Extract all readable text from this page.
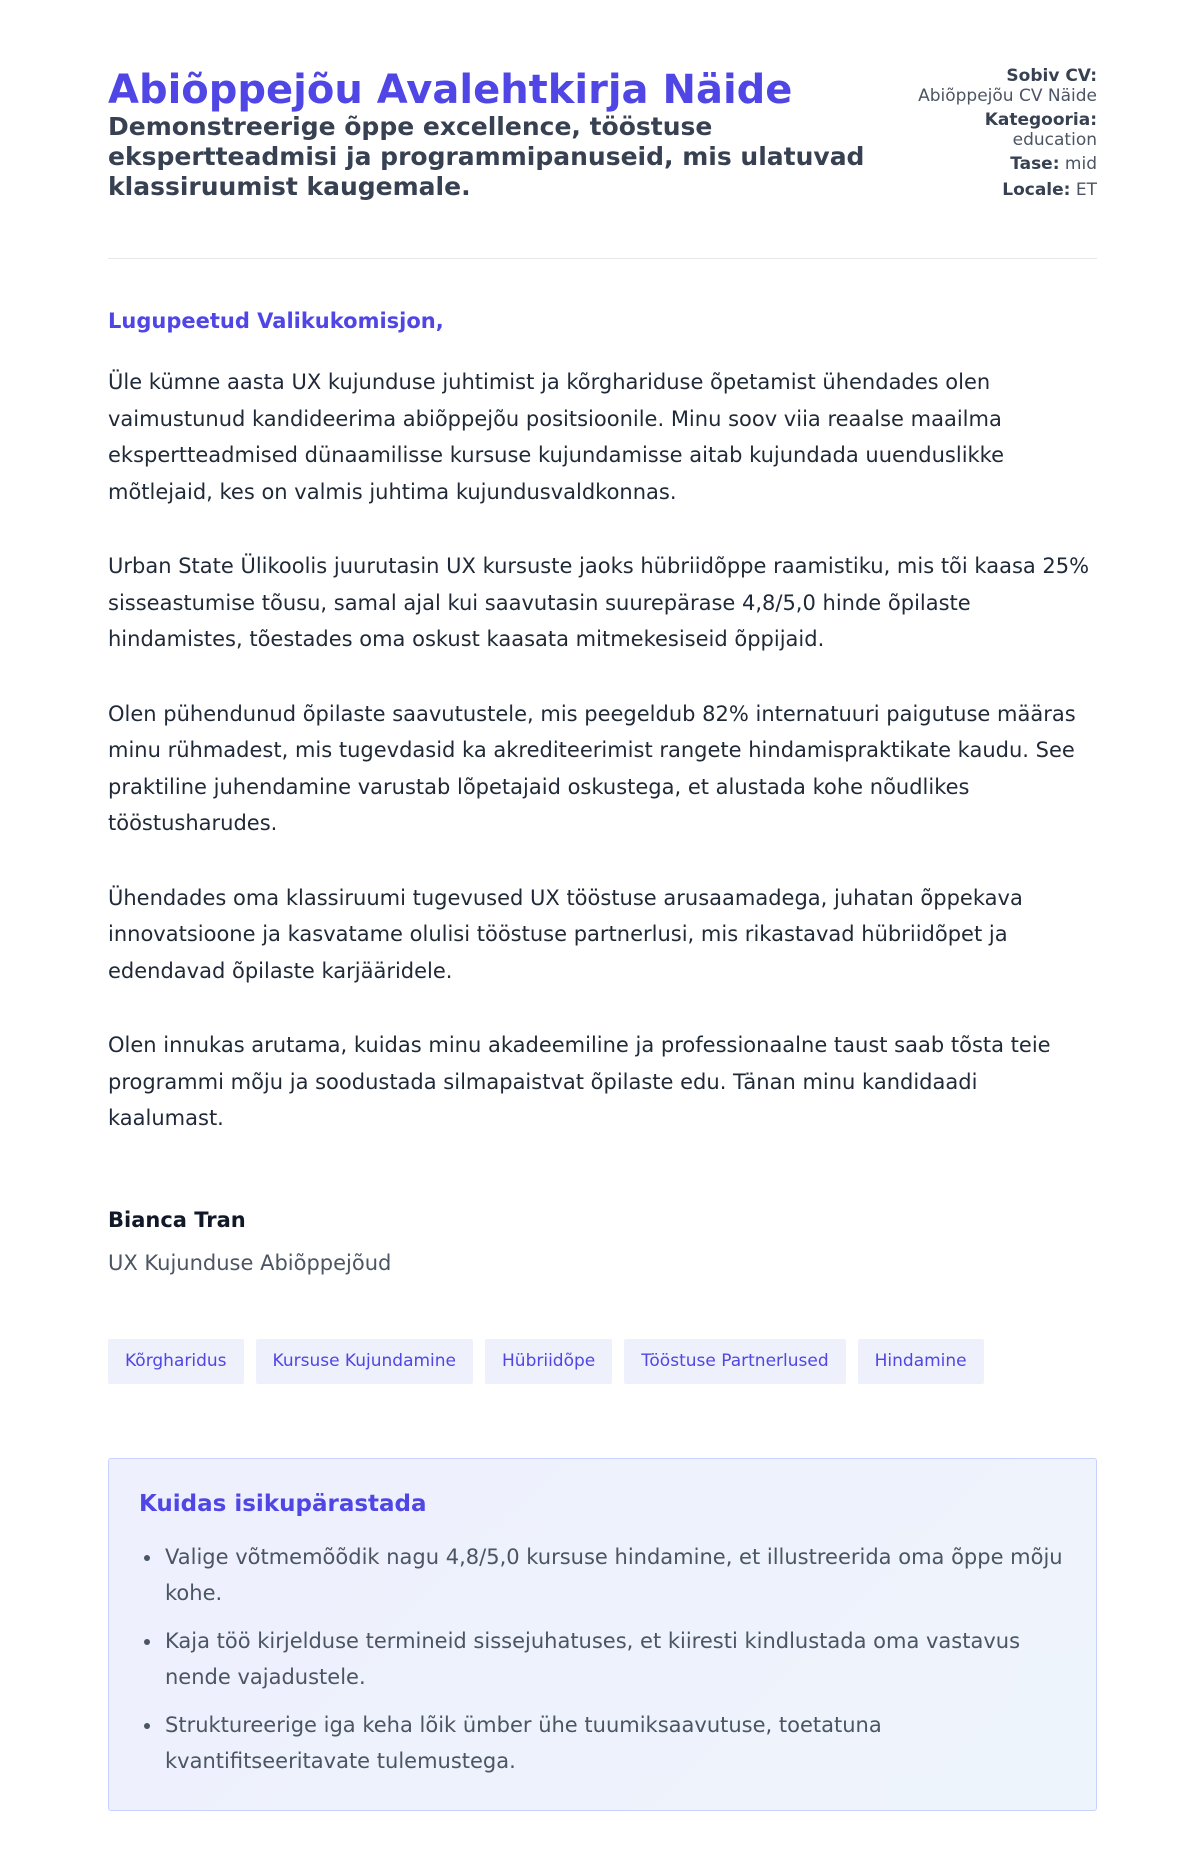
Abiõppejõu Avalehtkirja Näide
Demonstreerige õppe excellence, tööstuse ekspertteadmisi ja programmipanuseid, mis ulatuvad klassiruumist kaugemale.
Sobiv CV:
Abiõppejõu CV Näide
Kategooria:
education
Tase: mid
Locale: ET
Lugupeetud Valikukomisjon,

Üle kümne aasta UX kujunduse juhtimist ja kõrghariduse õpetamist ühendades olen vaimustunud kandideerima abiõppejõu positsioonile. Minu soov viia reaalse maailma ekspertteadmised dünaamilisse kursuse kujundamisse aitab kujundada uuenduslikke mõtlejaid, kes on valmis juhtima kujundusvaldkonnas.

Urban State Ülikoolis juurutasin UX kursuste jaoks hübriidõppe raamistiku, mis tõi kaasa 25% sisseastumise tõusu, samal ajal kui saavutasin suurepärase 4,8/5,0 hinde õpilaste hindamistes, tõestades oma oskust kaasata mitmekesiseid õppijaid.

Olen pühendunud õpilaste saavutustele, mis peegeldub 82% internatuuri paigutuse määras minu rühmadest, mis tugevdasid ka akrediteerimist rangete hindamispraktikate kaudu. See praktiline juhendamine varustab lõpetajaid oskustega, et alustada kohe nõudlikes tööstusharudes.

Ühendades oma klassiruumi tugevused UX tööstuse arusaamadega, juhatan õppekava innovatsioone ja kasvatame olulisi tööstuse partnerlusi, mis rikastavad hübriidõpet ja edendavad õpilaste karjääridele.

Olen innukas arutama, kuidas minu akadeemiline ja professionaalne taust saab tõsta teie programmi mõju ja soodustada silmapaistvat õpilaste edu. Tänan minu kandidaadi kaalumast.

Bianca Tran
UX Kujunduse Abiõppejõud
Kõrgharidus	Kursuse Kujundamine	Hübriidõpe	Tööstuse Partnerlused	Hindamine
Kuidas isikupärastada
• Valige võtmemõõdik nagu 4,8/5,0 kursuse hindamine, et illustreerida oma õppe mõju kohe.
• Kaja töö kirjelduse termineid sissejuhatuses, et kiiresti kindlustada oma vastavus nende vajadustele.
• Struktureerige iga keha lõik ümber ühe tuumiksaavutuse, toetatuna kvantifitseeritavate tulemustega.
